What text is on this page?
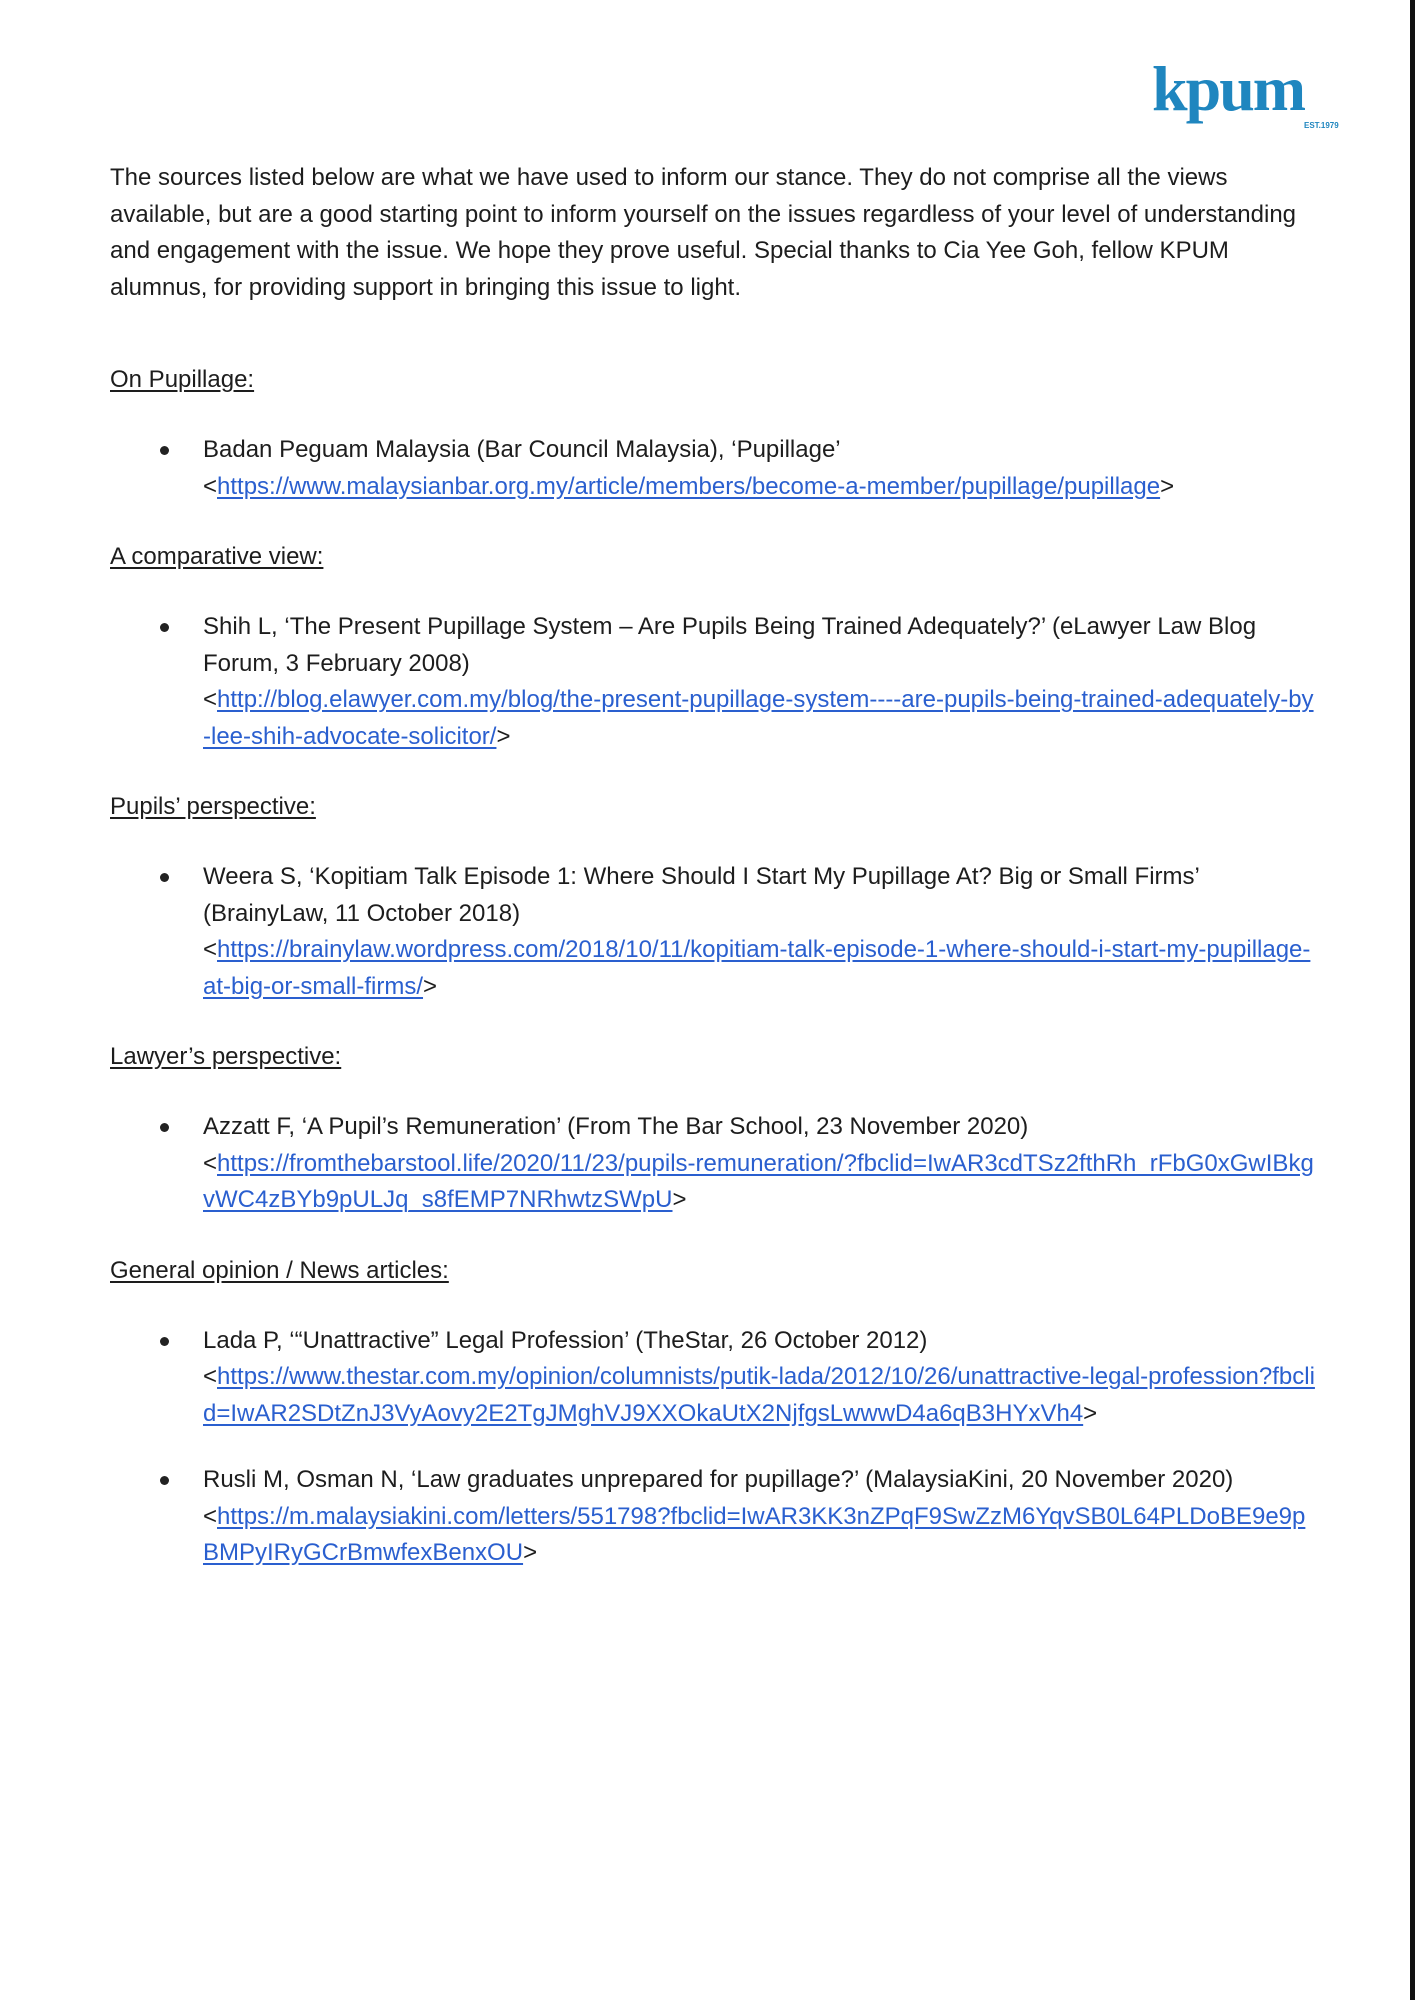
kpum
EST.1979

The sources listed below are what we have used to inform our stance. They do not comprise all the views available, but are a good starting point to inform yourself on the issues regardless of your level of understanding and engagement with the issue. We hope they prove useful. Special thanks to Cia Yee Goh, fellow KPUM alumnus, for providing support in bringing this issue to light.

On Pupillage:
Badan Peguam Malaysia (Bar Council Malaysia), ‘Pupillage’
<https://www.malaysianbar.org.my/article/members/become-a-member/pupillage/pupillage>
A comparative view:
Shih L, ‘The Present Pupillage System – Are Pupils Being Trained Adequately?’ (eLawyer Law Blog Forum, 3 February 2008)
<http://blog.elawyer.com.my/blog/the-present-pupillage-system----are-pupils-being-trained-adequately-by-lee-shih-advocate-solicitor/>
Pupils’ perspective:
Weera S, ‘Kopitiam Talk Episode 1: Where Should I Start My Pupillage At? Big or Small Firms’ (BrainyLaw, 11 October 2018)
<https://brainylaw.wordpress.com/2018/10/11/kopitiam-talk-episode-1-where-should-i-start-my-pupillage-at-big-or-small-firms/>
Lawyer’s perspective:
Azzatt F, ‘A Pupil’s Remuneration’ (From The Bar School, 23 November 2020)
<https://fromthebarstool.life/2020/11/23/pupils-remuneration/?fbclid=IwAR3cdTSz2fthRh_rFbG0xGwIBkgvWC4zBYb9pULJq_s8fEMP7NRhwtzSWpU>
General opinion / News articles:
Lada P, ‘“Unattractive” Legal Profession’ (TheStar, 26 October 2012)
<https://www.thestar.com.my/opinion/columnists/putik-lada/2012/10/26/unattractive-legal-profession?fbclid=IwAR2SDtZnJ3VyAovy2E2TgJMghVJ9XXOkaUtX2NjfgsLwwwD4a6qB3HYxVh4>
Rusli M, Osman N, ‘Law graduates unprepared for pupillage?’ (MalaysiaKini, 20 November 2020)
<https://m.malaysiakini.com/letters/551798?fbclid=IwAR3KK3nZPqF9SwZzM6YqvSB0L64PLDoBE9e9pBMPyIRyGCrBmwfexBenxOU>
